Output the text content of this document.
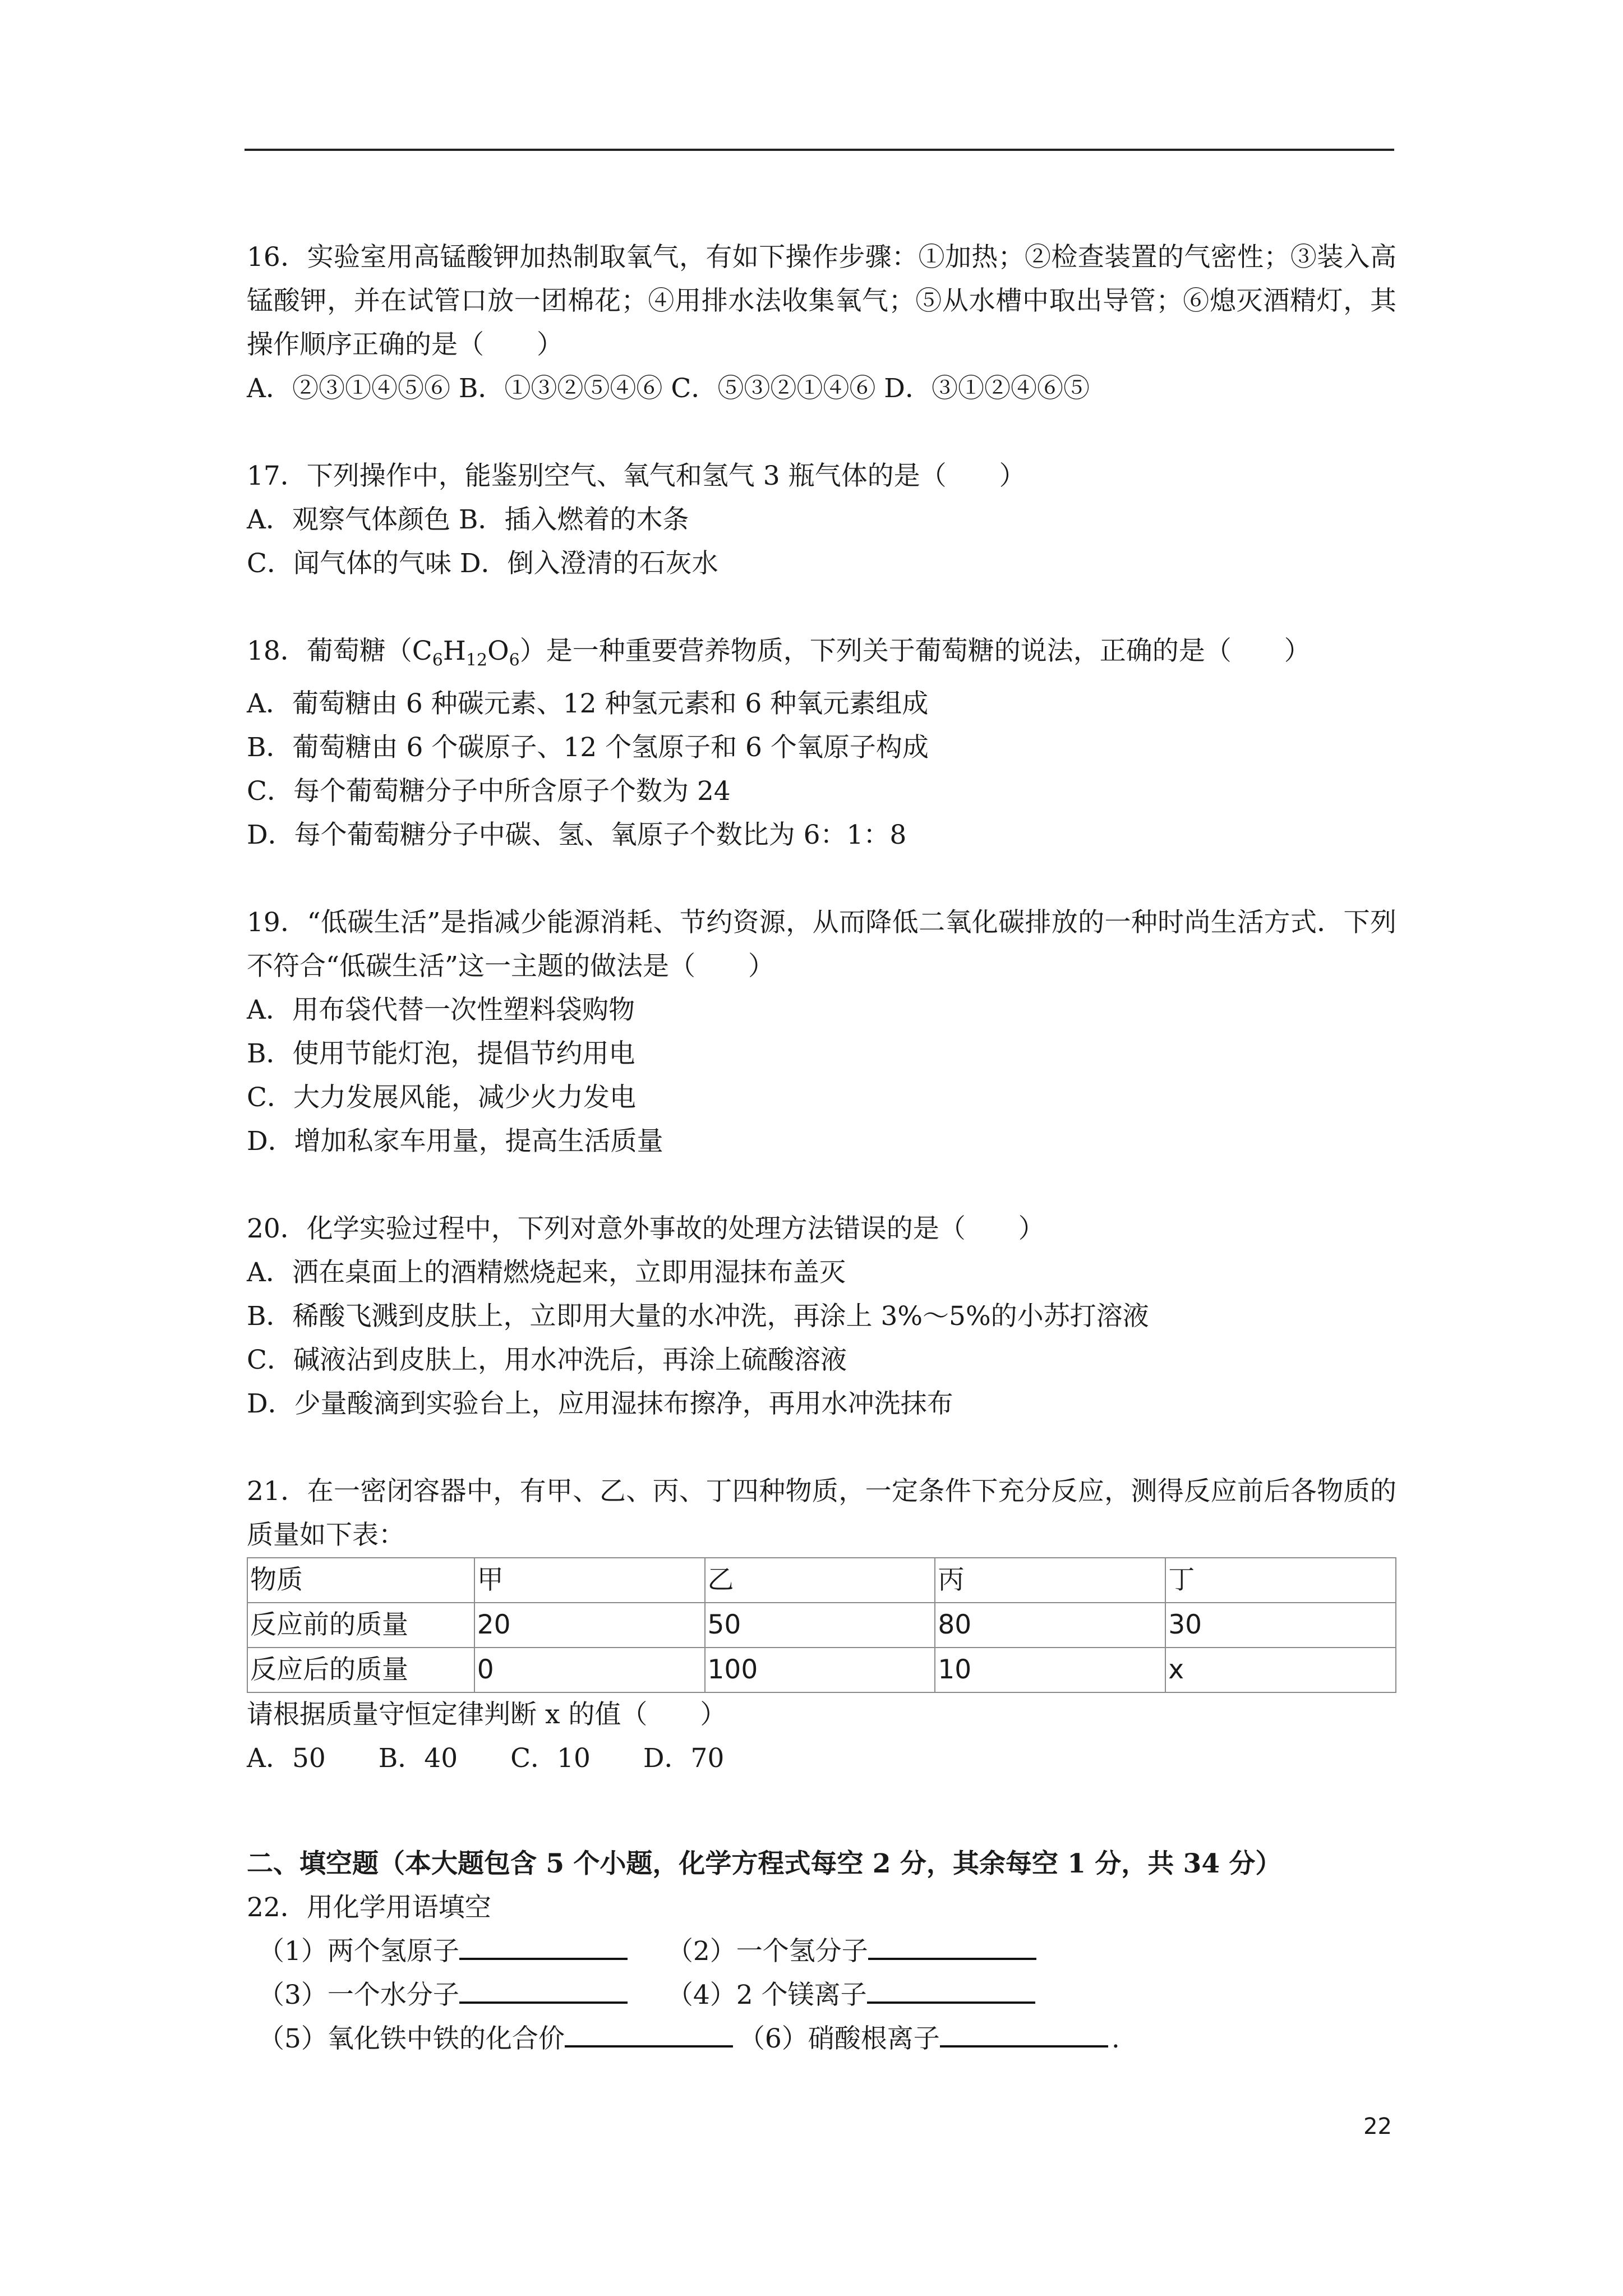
16．实验室用高锰酸钾加热制取氧气，有如下操作步骤：①加热；②检查装置的气密性；③装入高锰酸钾，并在试管口放一团棉花；④用排水法收集氧气；⑤从水槽中取出导管；⑥熄灭酒精灯，其操作顺序正确的是（　　）
A．②③①④⑤⑥ B．①③②⑤④⑥ C．⑤③②①④⑥ D．③①②④⑥⑤
17．下列操作中，能鉴别空气、氧气和氢气 3 瓶气体的是（　　）
A．观察气体颜色 B．插入燃着的木条
C．闻气体的气味 D．倒入澄清的石灰水
18．葡萄糖$(C_6H_{12}O_6)$是一种重要营养物质，下列关于葡萄糖的说法，正确的是（　　）
A．葡萄糖由 6 种碳元素、12 种氢元素和 6 种氧元素组成
B．葡萄糖由 6 个碳原子、12 个氢原子和 6 个氧原子构成
C．每个葡萄糖分子中所含原子个数为 24
D．每个葡萄糖分子中碳、氢、氧原子个数比为 6：1：8
19．“低碳生活”是指减少能源消耗、节约资源，从而降低二氧化碳排放的一种时尚生活方式．下列不符合“低碳生活”这一主题的做法是（　　）
A．用布袋代替一次性塑料袋购物
B．使用节能灯泡，提倡节约用电
C．大力发展风能，减少火力发电
D．增加私家车用量，提高生活质量
20．化学实验过程中，下列对意外事故的处理方法错误的是（　　）
A．洒在桌面上的酒精燃烧起来，立即用湿抹布盖灭
B．稀酸飞溅到皮肤上，立即用大量的水冲洗，再涂上 3%～5%的小苏打溶液
C．碱液沾到皮肤上，用水冲洗后，再涂上硫酸溶液
D．少量酸滴到实验台上，应用湿抹布擦净，再用水冲洗抹布
21．在一密闭容器中，有甲、乙、丙、丁四种物质，一定条件下充分反应，测得反应前后各物质的质量如下表：
物质	甲	乙	丙	丁
反应前的质量	20	50	80	30
反应后的质量	0	100	10	x
请根据质量守恒定律判断 x 的值（　　）
A．50　　B．40　　C．10　　D．70
二、填空题（本大题包含 5 个小题，化学方程式每空 2 分，其余每空 1 分，共 34 分）
22．用化学用语填空
（1）两个氢原子	（2）一个氢分子
（3）一个水分子	（4）2 个镁离子
（5）氧化铁中铁的化合价	（6）硝酸根离子	.
22
